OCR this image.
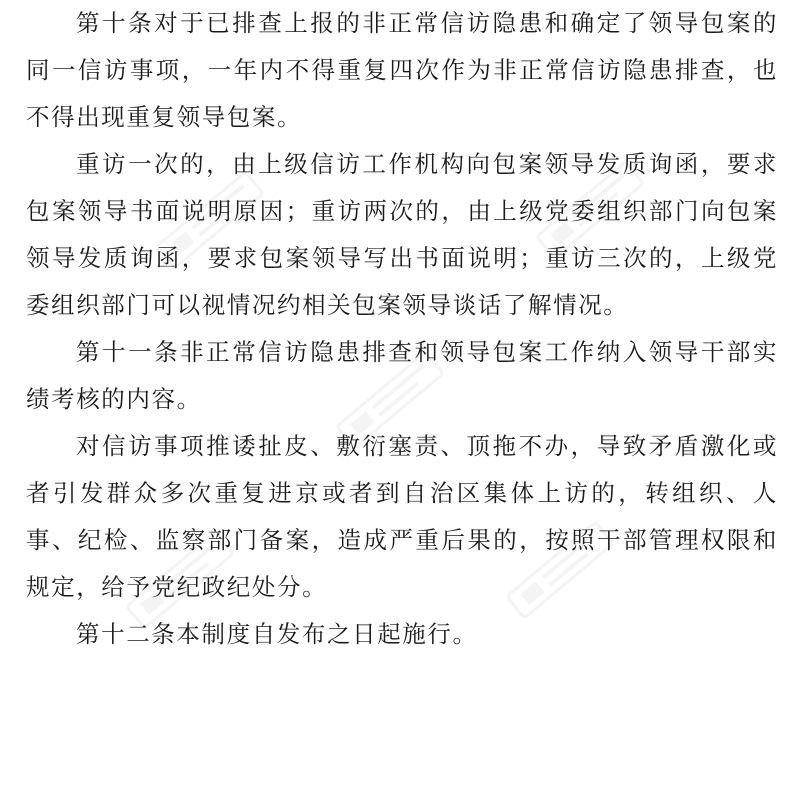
第十条对于已排查上报的非正常信访隐患和确定了领导包案的同一信访事项，一年内不得重复四次作为非正常信访隐患排查，也不得出现重复领导包案。

重访一次的，由上级信访工作机构向包案领导发质询函，要求包案领导书面说明原因；重访两次的，由上级党委组织部门向包案领导发质询函，要求包案领导写出书面说明；重访三次的，上级党委组织部门可以视情况约相关包案领导谈话了解情况。

第十一条非正常信访隐患排查和领导包案工作纳入领导干部实绩考核的内容。

对信访事项推诿扯皮、敷衍塞责、顶拖不办，导致矛盾激化或者引发群众多次重复进京或者到自治区集体上访的，转组织、人事、纪检、监察部门备案，造成严重后果的，按照干部管理权限和规定，给予党纪政纪处分。

第十二条本制度自发布之日起施行。
